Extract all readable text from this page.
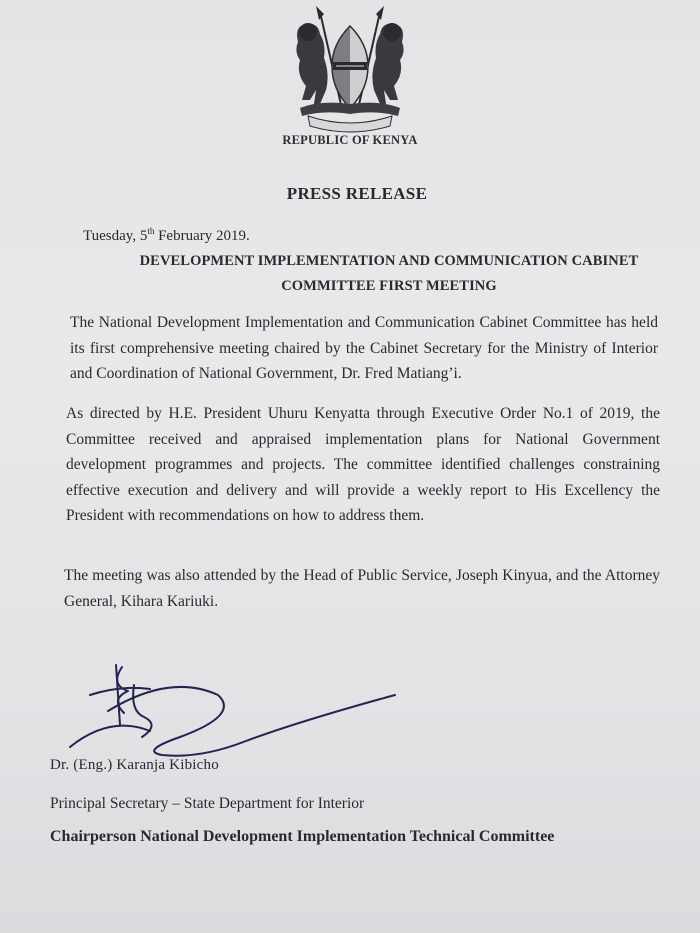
REPUBLIC OF KENYA
PRESS RELEASE
Tuesday, 5th February 2019.
DEVELOPMENT IMPLEMENTATION AND COMMUNICATION CABINET
COMMITTEE FIRST MEETING
The National Development Implementation and Communication Cabinet Committee has held its first comprehensive meeting chaired by the Cabinet Secretary for the Ministry of Interior and Coordination of National Government, Dr. Fred Matiang’i.
As directed by H.E. President Uhuru Kenyatta through Executive Order No.1 of 2019, the Committee received and appraised implementation plans for National Government development programmes and projects. The committee identified challenges constraining effective execution and delivery and will provide a weekly report to His Excellency the President with recommendations on how to address them.
The meeting was also attended by the Head of Public Service, Joseph Kinyua, and the Attorney General, Kihara Kariuki.
Dr. (Eng.) Karanja Kibicho
Principal Secretary – State Department for Interior
Chairperson National Development Implementation Technical Committee
